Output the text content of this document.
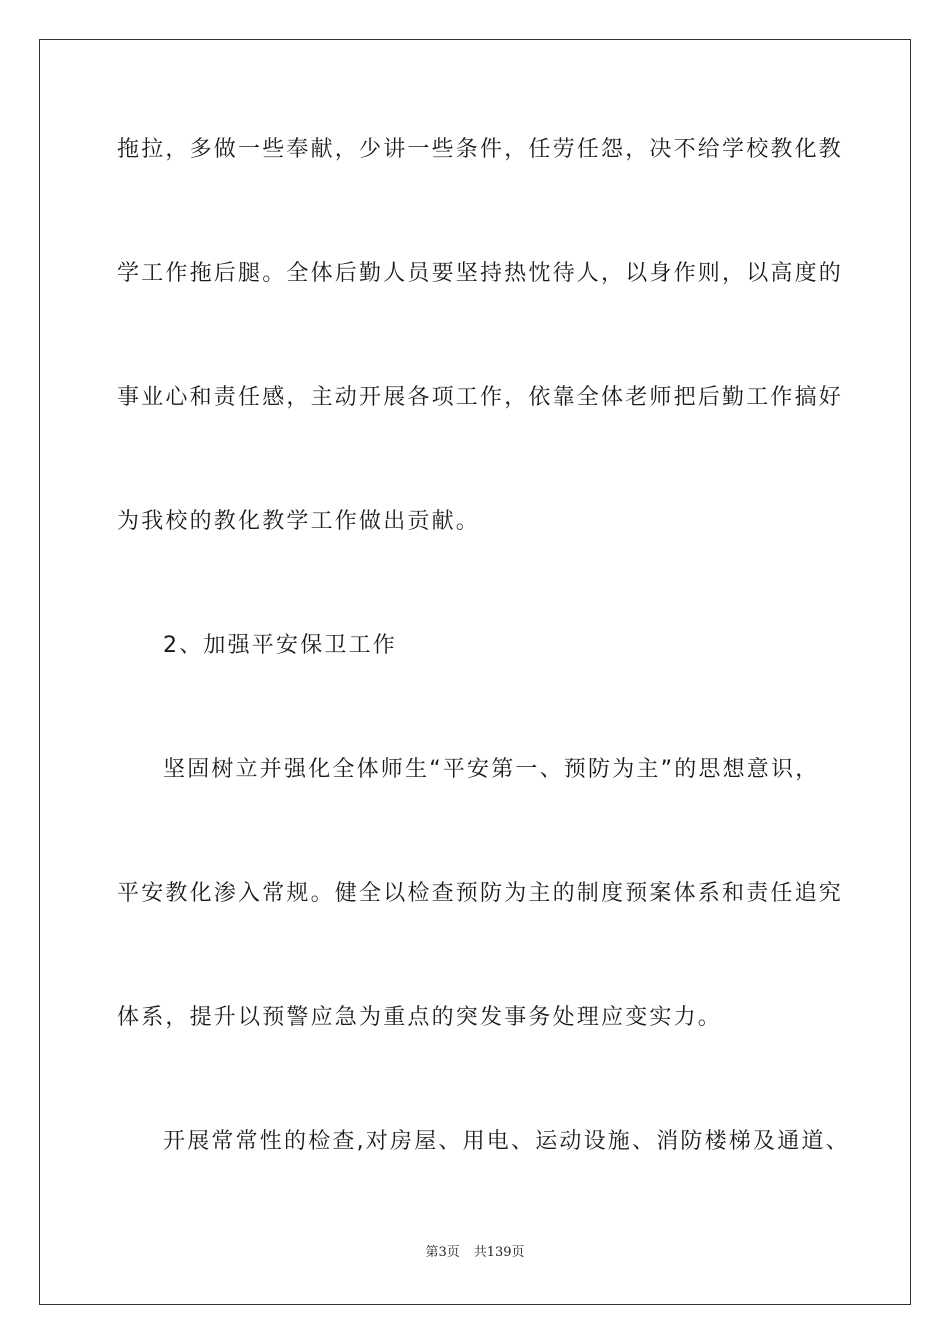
拖拉，多做一些奉献，少讲一些条件，任劳任怨，决不给学校教化教
学工作拖后腿。全体后勤人员要坚持热忱待人，以身作则，以高度的
事业心和责任感，主动开展各项工作，依靠全体老师把后勤工作搞好
为我校的教化教学工作做出贡献。
2、加强平安保卫工作
坚固树立并强化全体师生“平安第一、预防为主”的思想意识，
平安教化渗入常规。健全以检查预防为主的制度预案体系和责任追究
体系，提升以预警应急为重点的突发事务处理应变实力。
开展常常性的检查,对房屋、用电、运动设施、消防楼梯及通道、
第3页 共139页
